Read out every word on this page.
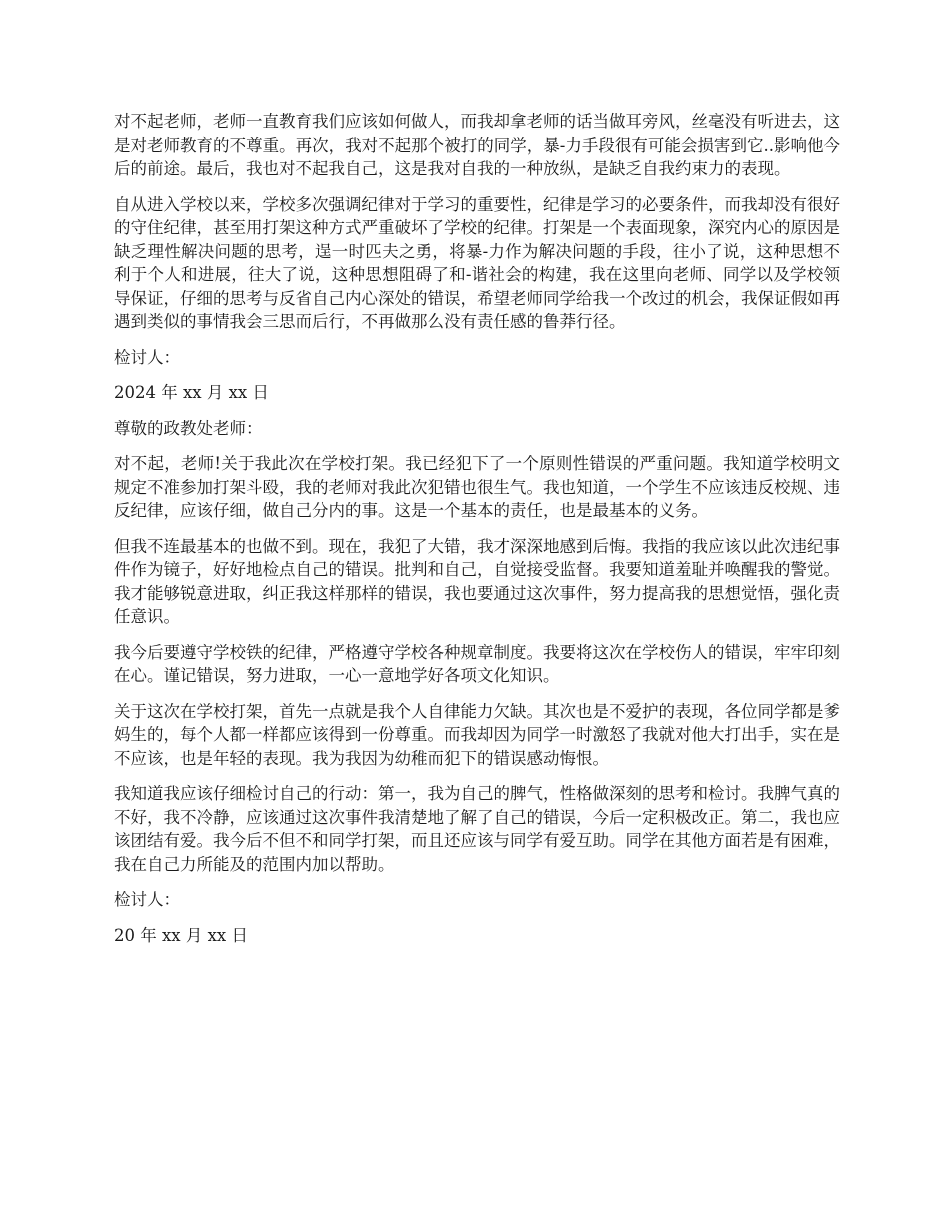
对不起老师，老师一直教育我们应该如何做人，而我却拿老师的话当做耳旁风，丝毫没有听进去，这是对老师教育的不尊重。再次，我对不起那个被打的同学，暴-力手段很有可能会损害到它..影响他今后的前途。最后，我也对不起我自己，这是我对自我的一种放纵，是缺乏自我约束力的表现。

自从进入学校以来，学校多次强调纪律对于学习的重要性，纪律是学习的必要条件，而我却没有很好的守住纪律，甚至用打架这种方式严重破坏了学校的纪律。打架是一个表面现象，深究内心的原因是缺乏理性解决问题的思考，逞一时匹夫之勇，将暴-力作为解决问题的手段，往小了说，这种思想不利于个人和进展，往大了说，这种思想阻碍了和-谐社会的构建，我在这里向老师、同学以及学校领导保证，仔细的思考与反省自己内心深处的错误，希望老师同学给我一个改过的机会，我保证假如再遇到类似的事情我会三思而后行，不再做那么没有责任感的鲁莽行径。

检讨人：

2024 年 xx 月 xx 日

尊敬的政教处老师：

对不起，老师!关于我此次在学校打架。我已经犯下了一个原则性错误的严重问题。我知道学校明文规定不准参加打架斗殴，我的老师对我此次犯错也很生气。我也知道，一个学生不应该违反校规、违反纪律，应该仔细，做自己分内的事。这是一个基本的责任，也是最基本的义务。

但我不连最基本的也做不到。现在，我犯了大错，我才深深地感到后悔。我指的我应该以此次违纪事件作为镜子，好好地检点自己的错误。批判和自己，自觉接受监督。我要知道羞耻并唤醒我的警觉。我才能够锐意进取，纠正我这样那样的错误，我也要通过这次事件，努力提高我的思想觉悟，强化责任意识。

我今后要遵守学校铁的纪律，严格遵守学校各种规章制度。我要将这次在学校伤人的错误，牢牢印刻在心。谨记错误，努力进取，一心一意地学好各项文化知识。

关于这次在学校打架，首先一点就是我个人自律能力欠缺。其次也是不爱护的表现，各位同学都是爹妈生的，每个人都一样都应该得到一份尊重。而我却因为同学一时激怒了我就对他大打出手，实在是不应该，也是年轻的表现。我为我因为幼稚而犯下的错误感动悔恨。

我知道我应该仔细检讨自己的行动：第一，我为自己的脾气，性格做深刻的思考和检讨。我脾气真的不好，我不冷静，应该通过这次事件我清楚地了解了自己的错误，今后一定积极改正。第二，我也应该团结有爱。我今后不但不和同学打架，而且还应该与同学有爱互助。同学在其他方面若是有困难，我在自己力所能及的范围内加以帮助。

检讨人：

20 年 xx 月 xx 日
